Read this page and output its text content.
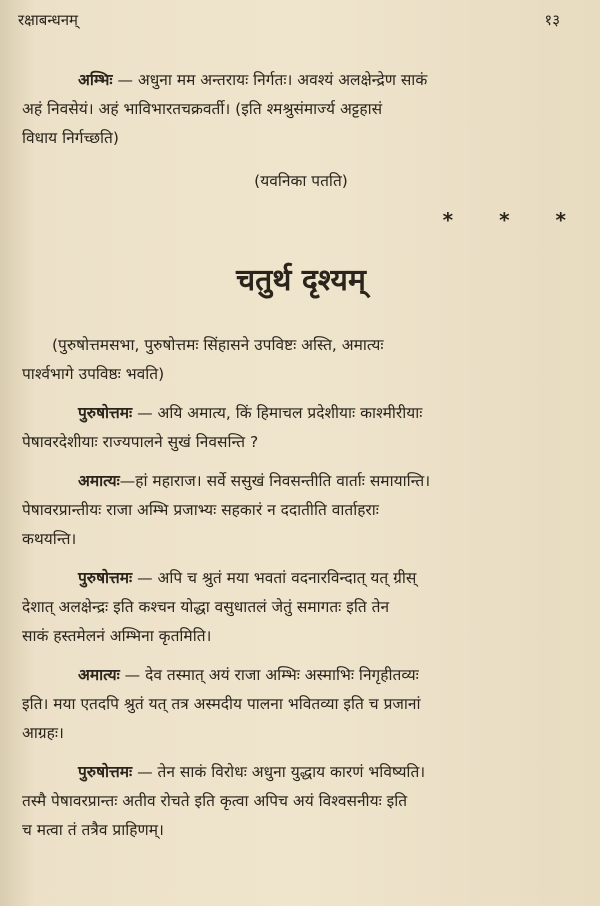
रक्षाबन्धनम्	१३
अम्भिः — अधुना मम अन्तरायः निर्गतः। अवश्यं अलक्षेन्द्रेण साकं
अहं निवसेयं। अहं भाविभारतचक्रवर्ती। (इति श्मश्रुसंमार्ज्य अट्टहासं
विधाय निर्गच्छति)
(यवनिका पतति)
* * *
चतुर्थ दृश्यम्
(पुरुषोत्तमसभा, पुरुषोत्तमः सिंहासने उपविष्टः अस्ति, अमात्यः
पार्श्वभागे उपविष्ठः भवति)
पुरुषोत्तमः — अयि अमात्य, किं हिमाचल प्रदेशीयाः काश्मीरीयाः
पेषावरदेशीयाः राज्यपालने सुखं निवसन्ति ?
अमात्यः—हां महाराज। सर्वे ससुखं निवसन्तीति वार्ताः समायान्ति।
पेषावरप्रान्तीयः राजा अम्भि प्रजाभ्यः सहकारं न ददातीति वार्ताहराः
कथयन्ति।
पुरुषोत्तमः — अपि च श्रुतं मया भवतां वदनारविन्दात् यत् ग्रीस्
देशात् अलक्षेन्द्रः इति कश्चन योद्धा वसुधातलं जेतुं समागतः इति तेन
साकं हस्तमेलनं अम्भिना कृतमिति।
अमात्यः — देव तस्मात् अयं राजा अम्भिः अस्माभिः निगृहीतव्यः
इति। मया एतदपि श्रुतं यत् तत्र अस्मदीय पालना भवितव्या इति च प्रजानां
आग्रहः।
पुरुषोत्तमः — तेन साकं विरोधः अधुना युद्धाय कारणं भविष्यति।
तस्मै पेषावरप्रान्तः अतीव रोचते इति कृत्वा अपिच अयं विश्वसनीयः इति
च मत्वा तं तत्रैव प्राहिणम्।
